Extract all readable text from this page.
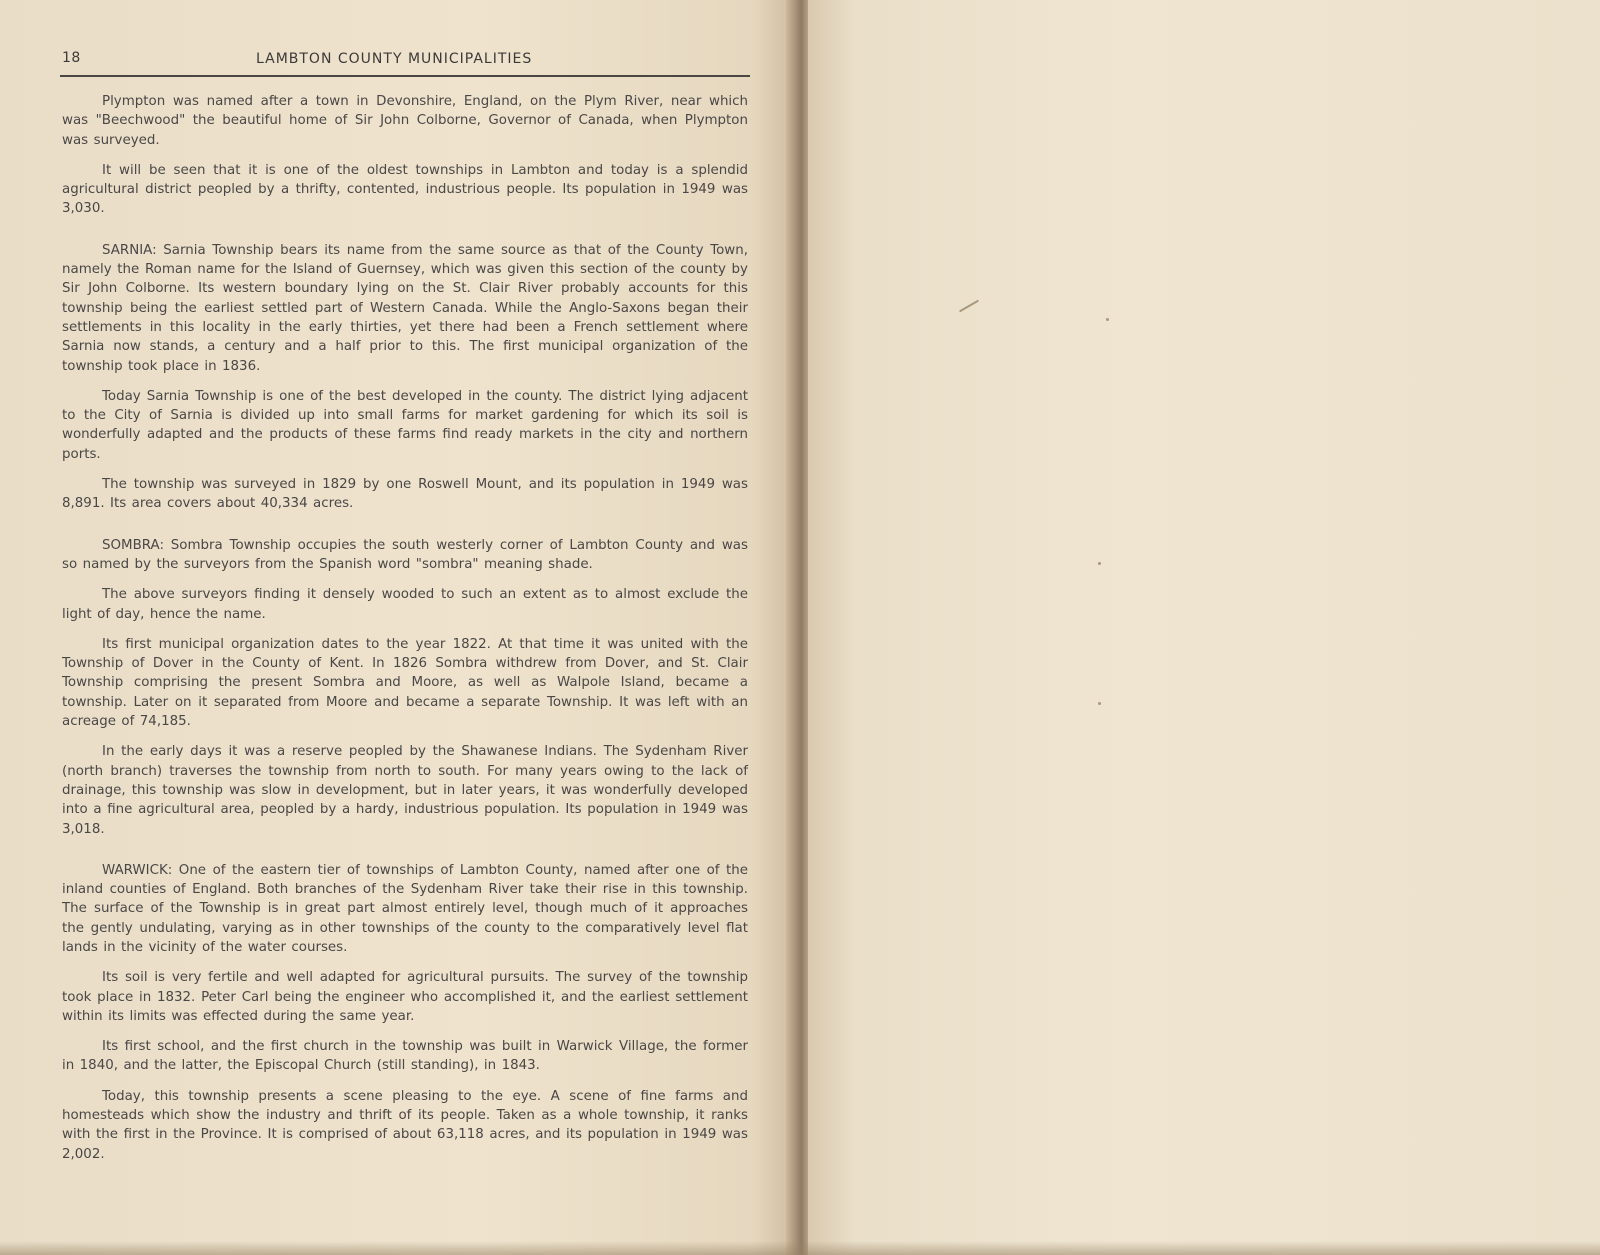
18	LAMBTON COUNTY MUNICIPALITIES

Plympton was named after a town in Devonshire, England, on the Plym River, near which was "Beechwood" the beautiful home of Sir John Colborne, Governor of Canada, when Plympton was surveyed.

It will be seen that it is one of the oldest townships in Lambton and today is a splendid agricultural district peopled by a thrifty, contented, industrious people. Its population in 1949 was 3,030.

SARNIA: Sarnia Township bears its name from the same source as that of the County Town, namely the Roman name for the Island of Guernsey, which was given this section of the county by Sir John Colborne. Its western boundary lying on the St. Clair River probably accounts for this township being the earliest settled part of Western Canada. While the Anglo-Saxons began their settlements in this locality in the early thirties, yet there had been a French settlement where Sarnia now stands, a century and a half prior to this. The first municipal organization of the township took place in 1836.

Today Sarnia Township is one of the best developed in the county. The district lying adjacent to the City of Sarnia is divided up into small farms for market gardening for which its soil is wonderfully adapted and the products of these farms find ready markets in the city and northern ports.

The township was surveyed in 1829 by one Roswell Mount, and its population in 1949 was 8,891. Its area covers about 40,334 acres.

SOMBRA: Sombra Township occupies the south westerly corner of Lambton County and was so named by the surveyors from the Spanish word "sombra" meaning shade.

The above surveyors finding it densely wooded to such an extent as to almost exclude the light of day, hence the name.

Its first municipal organization dates to the year 1822. At that time it was united with the Township of Dover in the County of Kent. In 1826 Sombra withdrew from Dover, and St. Clair Township comprising the present Sombra and Moore, as well as Walpole Island, became a township. Later on it separated from Moore and became a separate Township. It was left with an acreage of 74,185.

In the early days it was a reserve peopled by the Shawanese Indians. The Sydenham River (north branch) traverses the township from north to south. For many years owing to the lack of drainage, this township was slow in development, but in later years, it was wonderfully developed into a fine agricultural area, peopled by a hardy, industrious population. Its population in 1949 was 3,018.

WARWICK: One of the eastern tier of townships of Lambton County, named after one of the inland counties of England. Both branches of the Sydenham River take their rise in this township. The surface of the Township is in great part almost entirely level, though much of it approaches the gently undulating, varying as in other townships of the county to the comparatively level flat lands in the vicinity of the water courses.

Its soil is very fertile and well adapted for agricultural pursuits. The survey of the township took place in 1832. Peter Carl being the engineer who accomplished it, and the earliest settlement within its limits was effected during the same year.

Its first school, and the first church in the township was built in Warwick Village, the former in 1840, and the latter, the Episcopal Church (still standing), in 1843.

Today, this township presents a scene pleasing to the eye. A scene of fine farms and homesteads which show the industry and thrift of its people. Taken as a whole township, it ranks with the first in the Province. It is comprised of about 63,118 acres, and its population in 1949 was 2,002.
